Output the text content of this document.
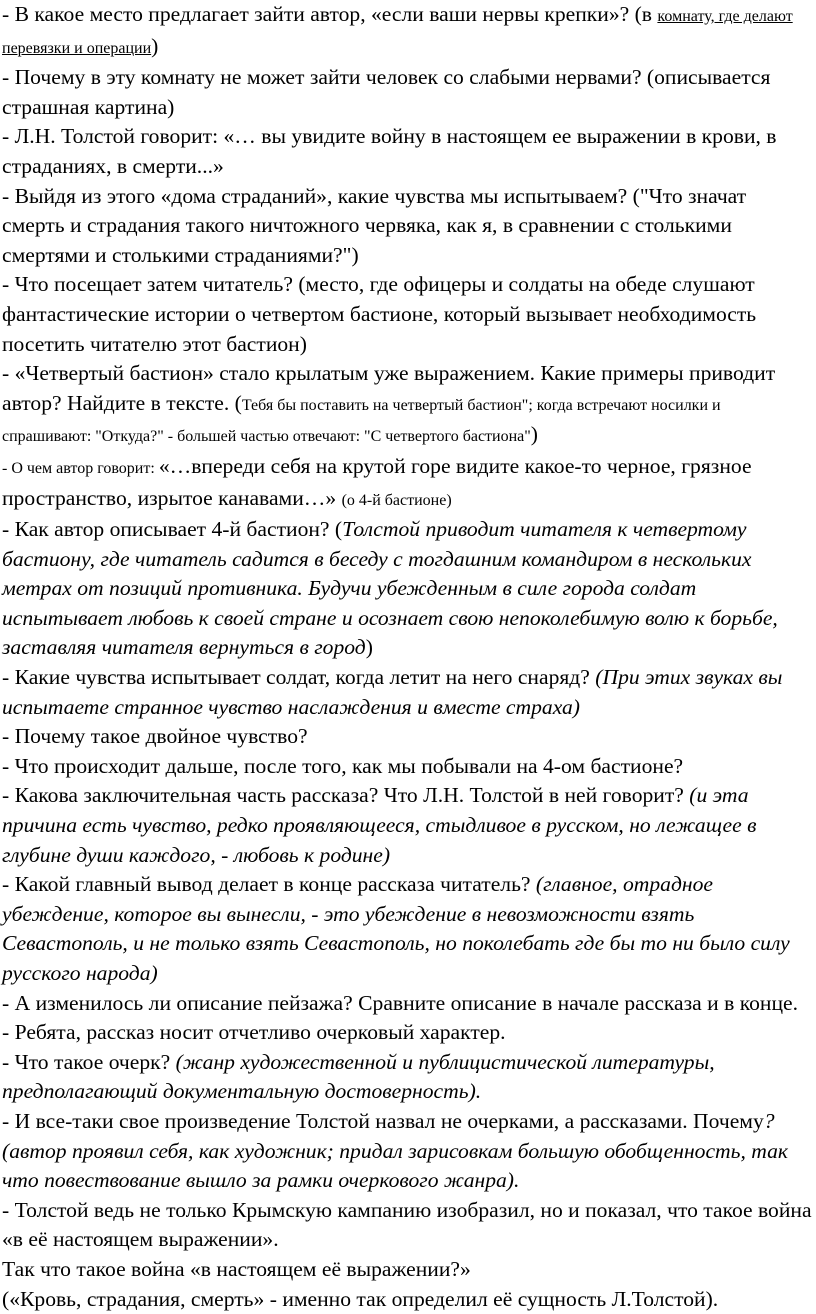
- В какое место предлагает зайти автор, «если ваши нервы крепки»? (в комнату, где делают перевязки и операции)

- Почему в эту комнату не может зайти человек со слабыми нервами? (описывается страшная картина)

- Л.Н. Толстой говорит: «… вы увидите войну в настоящем ее выражении в крови, в страданиях, в смерти...»

- Выйдя из этого «дома страданий», какие чувства мы испытываем? ("Что значат смерть и страдания такого ничтожного червяка, как я, в сравнении с столькими смертями и столькими страданиями?")

- Что посещает затем читатель? (место, где офицеры и солдаты на обеде слушают фантастические истории о четвертом бастионе, который вызывает необходимость посетить читателю этот бастион)

- «Четвертый бастион» стало крылатым уже выражением. Какие примеры приводит автор? Найдите в тексте. (Тебя бы поставить на четвертый бастион"; когда встречают носилки и спрашивают: "Откуда?" - большей частью отвечают: "С четвертого бастиона")

- О чем автор говорит: «…впереди себя на крутой горе видите какое-то черное, грязное пространство, изрытое канавами…» (о 4-й бастионе)

- Как автор описывает 4-й бастион? (Толстой приводит читателя к четвертому бастиону, где читатель садится в беседу с тогдашним командиром в нескольких метрах от позиций противника. Будучи убежденным в силе города солдат испытывает любовь к своей стране и осознает свою непоколебимую волю к борьбе, заставляя читателя вернуться в город)

- Какие чувства испытывает солдат, когда летит на него снаряд? (При этих звуках вы испытаете странное чувство наслаждения и вместе страха)

- Почему такое двойное чувство?

- Что происходит дальше, после того, как мы побывали на 4-ом бастионе?

- Какова заключительная часть рассказа? Что Л.Н. Толстой в ней говорит? (и эта причина есть чувство, редко проявляющееся, стыдливое в русском, но лежащее в глубине души каждого, - любовь к родине)

- Какой главный вывод делает в конце рассказа читатель? (главное, отрадное убеждение, которое вы вынесли, - это убеждение в невозможности взять Севастополь, и не только взять Севастополь, но поколебать где бы то ни было силу русского народа)

- А изменилось ли описание пейзажа? Сравните описание в начале рассказа и в конце.

- Ребята, рассказ носит отчетливо очерковый характер.

- Что такое очерк? (жанр художественной и публицистической литературы, предполагающий документальную достоверность).

- И все-таки свое произведение Толстой назвал не очерками, а рассказами. Почему? (автор проявил себя, как художник; придал зарисовкам большую обобщенность, так что повествование вышло за рамки очеркового жанра).

- Толстой ведь не только Крымскую кампанию изобразил, но и показал, что такое война «в её настоящем выражении».

Так что такое война «в настоящем её выражении?»

(«Кровь, страдания, смерть» - именно так определил её сущность Л.Толстой).
